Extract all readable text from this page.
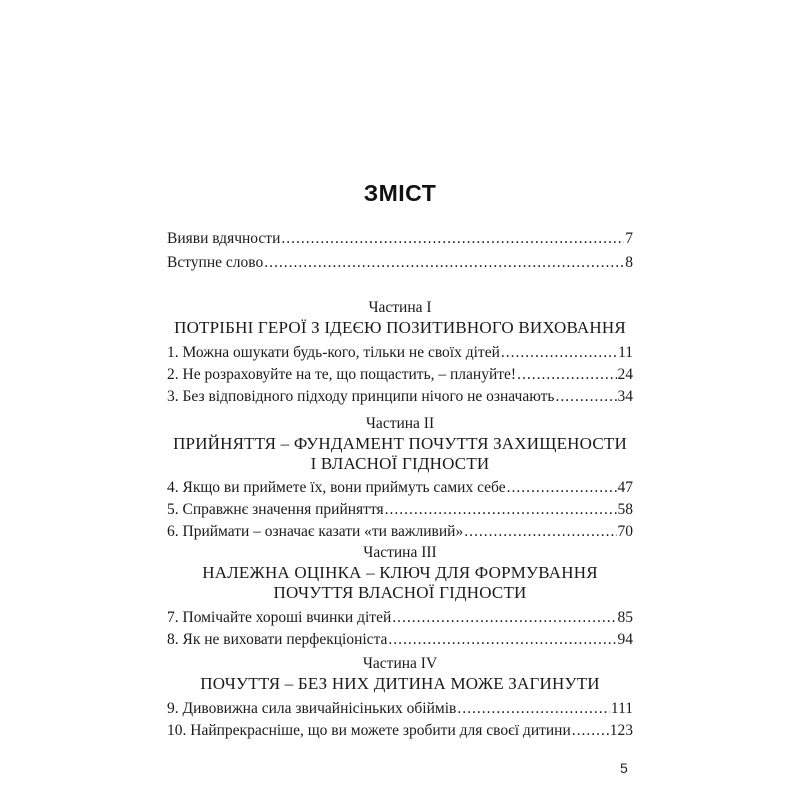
ЗМІСТ
Вияви вдячности .....	7
Вступне слово .....	8
Частина I
ПОТРІБНІ ГЕРОЇ З ІДЕЄЮ ПОЗИТИВНОГО ВИХОВАННЯ
1. Можна ошукати будь-кого, тільки не своїх дітей .....	11
2. Не розраховуйте на те, що пощастить, – плануйте! .....	24
3. Без відповідного підходу принципи нічого не означають .....	34
Частина II
ПРИЙНЯТТЯ – ФУНДАМЕНТ ПОЧУТТЯ ЗАХИЩЕНОСТИ
І ВЛАСНОЇ ГІДНОСТИ
4. Якщо ви приймете їх, вони приймуть самих себе .....	47
5. Справжнє значення прийняття .....	58
6. Приймати – означає казати «ти важливий» .....	70
Частина III
НАЛЕЖНА ОЦІНКА – КЛЮЧ ДЛЯ ФОРМУВАННЯ
ПОЧУТТЯ ВЛАСНОЇ ГІДНОСТИ
7. Помічайте хороші вчинки дітей .....	85
8. Як не виховати перфекціоніста .....	94
Частина IV
ПОЧУТТЯ – БЕЗ НИХ ДИТИНА МОЖЕ ЗАГИНУТИ
9. Дивовижна сила звичайнісіньких обіймів .....	111
10. Найпрекрасніше, що ви можете зробити для своєї дитини .....	123
5
